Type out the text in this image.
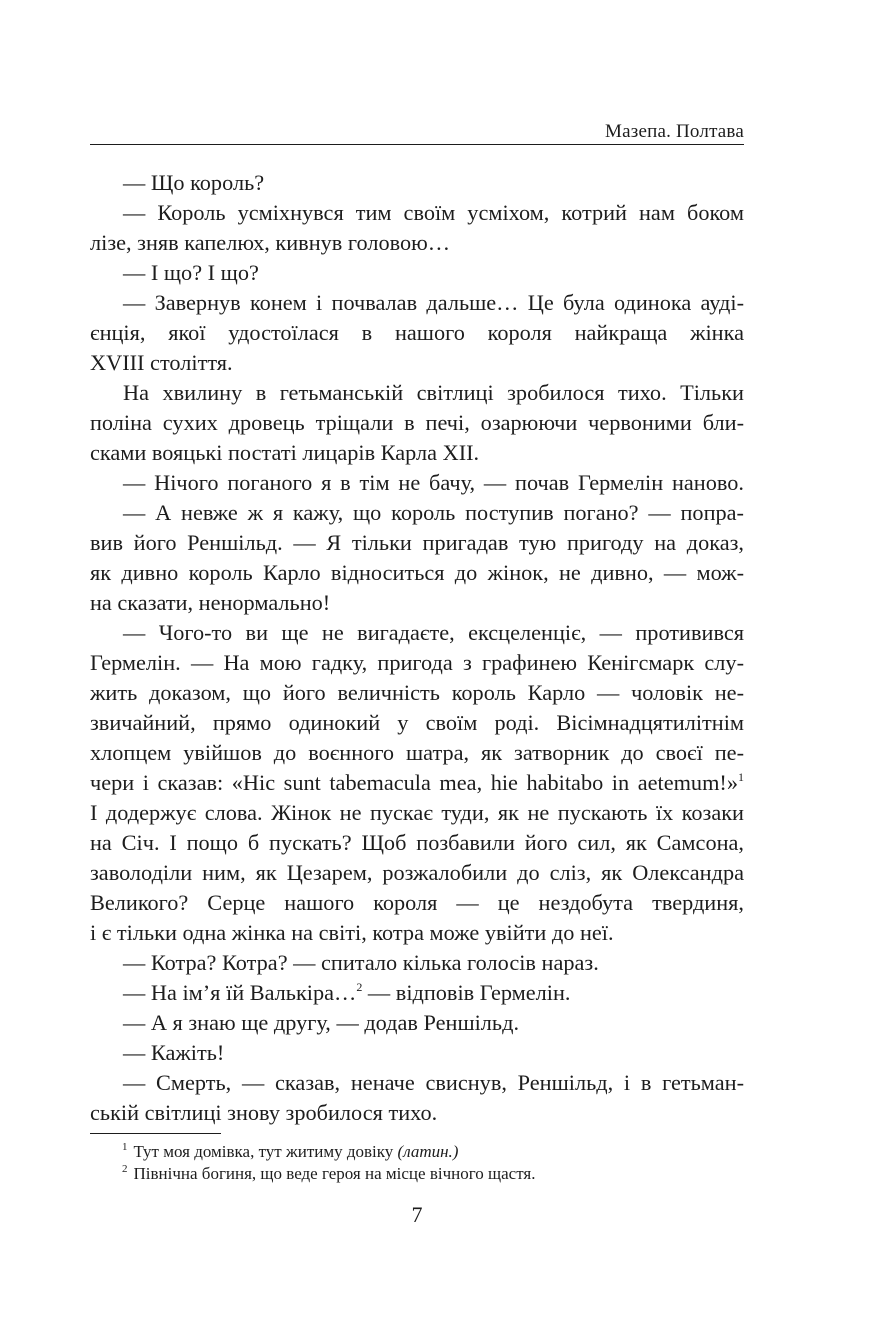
Мазепа. Полтава

— Що король?

— Король усміхнувся тим своїм усміхом, котрий нам боком

лізе, зняв капелюх, кивнув головою…

— І що? І що?

— Завернув конем і почвалав дальше… Це була одинока ауді-

єнція, якої удостоїлася в нашого короля найкраща жінка

XVIII століття.

На хвилину в гетьманській світлиці зробилося тихо. Тільки

поліна сухих дровець тріщали в печі, озарюючи червоними бли-

сками вояцькі постаті лицарів Карла XII.

— Нічого поганого я в тім не бачу, — почав Гермелін наново.

— А невже ж я кажу, що король поступив погано? — попра-

вив його Реншільд. — Я тільки пригадав тую пригоду на доказ,

як дивно король Карло відноситься до жінок, не дивно, — мож-

на сказати, ненормально!

— Чого-то ви ще не вигадаєте, ексцеленціє, — противився

Гермелін. — На мою гадку, пригода з графинею Кенігсмарк слу-

жить доказом, що його величність король Карло — чоловік не-

звичайний, прямо одинокий у своїм роді. Вісімнадцятилітнім

хлопцем увійшов до воєнного шатра, як затворник до своєї пе-

чери і сказав: «Hic sunt tabemacula mea, hie habitabo in aetemum!»$^1$

І додержує слова. Жінок не пускає туди, як не пускають їх козаки

на Січ. І пощо б пускать? Щоб позбавили його сил, як Самсона,

заволоділи ним, як Цезарем, розжалобили до сліз, як Олександра

Великого? Серце нашого короля — це нездобута твердиня,

і є тільки одна жінка на світі, котра може увійти до неї.

— Котра? Котра? — спитало кілька голосів нараз.

— На ім’я їй Валькіра…$^2$ — відповів Гермелін.

— А я знаю ще другу, — додав Реншільд.

— Кажіть!

— Смерть, — сказав, неначе свиснув, Реншільд, і в гетьман-

ській світлиці знову зробилося тихо.

$^1$ Тут моя домівка, тут житиму довіку (латин.)
$^2$ Північна богиня, що веде героя на місце вічного щастя.
7
